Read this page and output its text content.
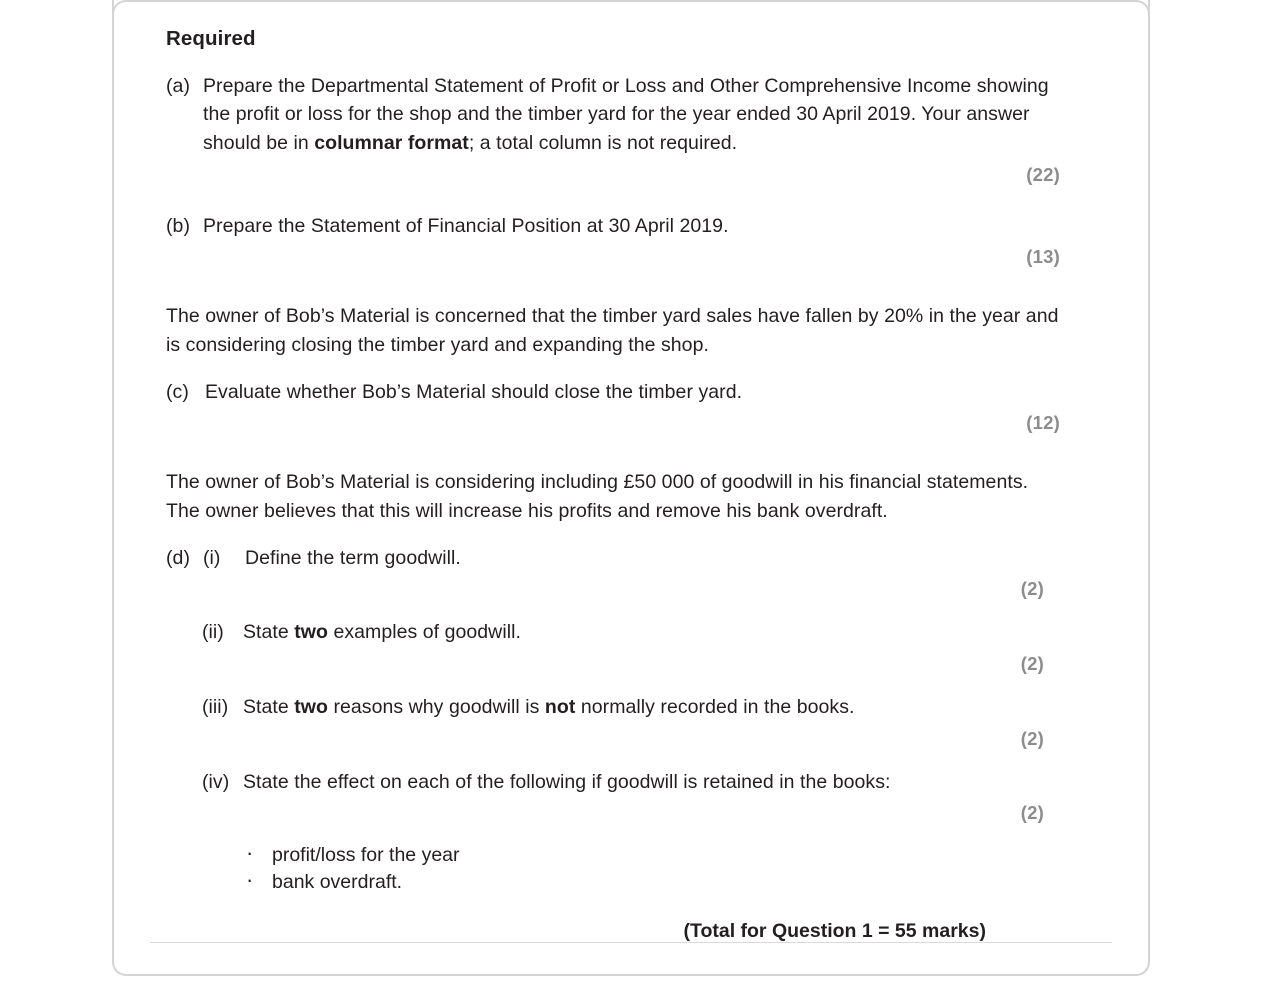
Required
(a) Prepare the Departmental Statement of Profit or Loss and Other Comprehensive Income showing the profit or loss for the shop and the timber yard for the year ended 30 April 2019. Your answer should be in columnar format; a total column is not required.
(22)
(b) Prepare the Statement of Financial Position at 30 April 2019.
(13)
The owner of Bob’s Material is concerned that the timber yard sales have fallen by 20% in the year and is considering closing the timber yard and expanding the shop.
(c) Evaluate whether Bob’s Material should close the timber yard.
(12)
The owner of Bob’s Material is considering including £50 000 of goodwill in his financial statements. The owner believes that this will increase his profits and remove his bank overdraft.
(d) (i)	Define the term goodwill.
(2)
(ii) State two examples of goodwill.
(2)
(iii) State two reasons why goodwill is not normally recorded in the books.
(2)
(iv) State the effect on each of the following if goodwill is retained in the books:
(2)
· profit/loss for the year
· bank overdraft.
(Total for Question 1 = 55 marks)
